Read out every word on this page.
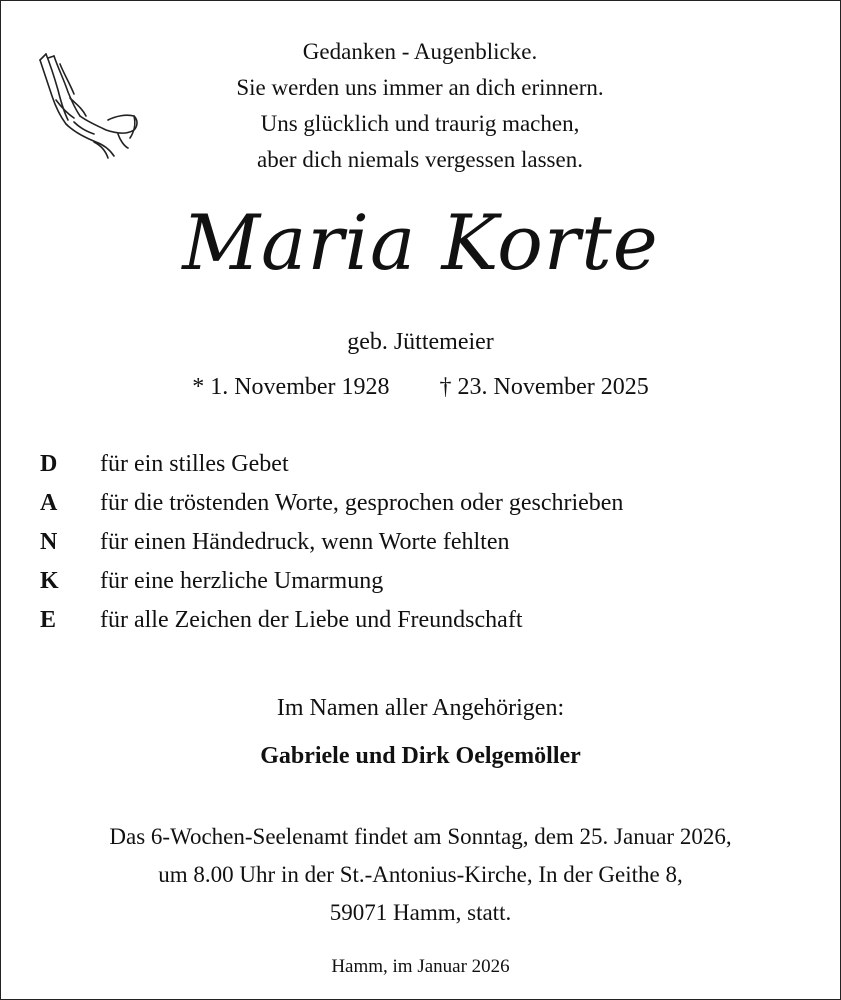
Gedanken - Augenblicke.
Sie werden uns immer an dich erinnern.
Uns glücklich und traurig machen,
aber dich niemals vergessen lassen.
Maria Korte
geb. Jüttemeier
* 1. November 1928 † 23. November 2025
D	für ein stilles Gebet
A	für die tröstenden Worte, gesprochen oder geschrieben
N	für einen Händedruck, wenn Worte fehlten
K	für eine herzliche Umarmung
E	für alle Zeichen der Liebe und Freundschaft
Im Namen aller Angehörigen:
Gabriele und Dirk Oelgemöller
Das 6-Wochen-Seelenamt findet am Sonntag, dem 25. Januar 2026,
um 8.00 Uhr in der St.-Antonius-Kirche, In der Geithe 8,
59071 Hamm, statt.
Hamm, im Januar 2026
